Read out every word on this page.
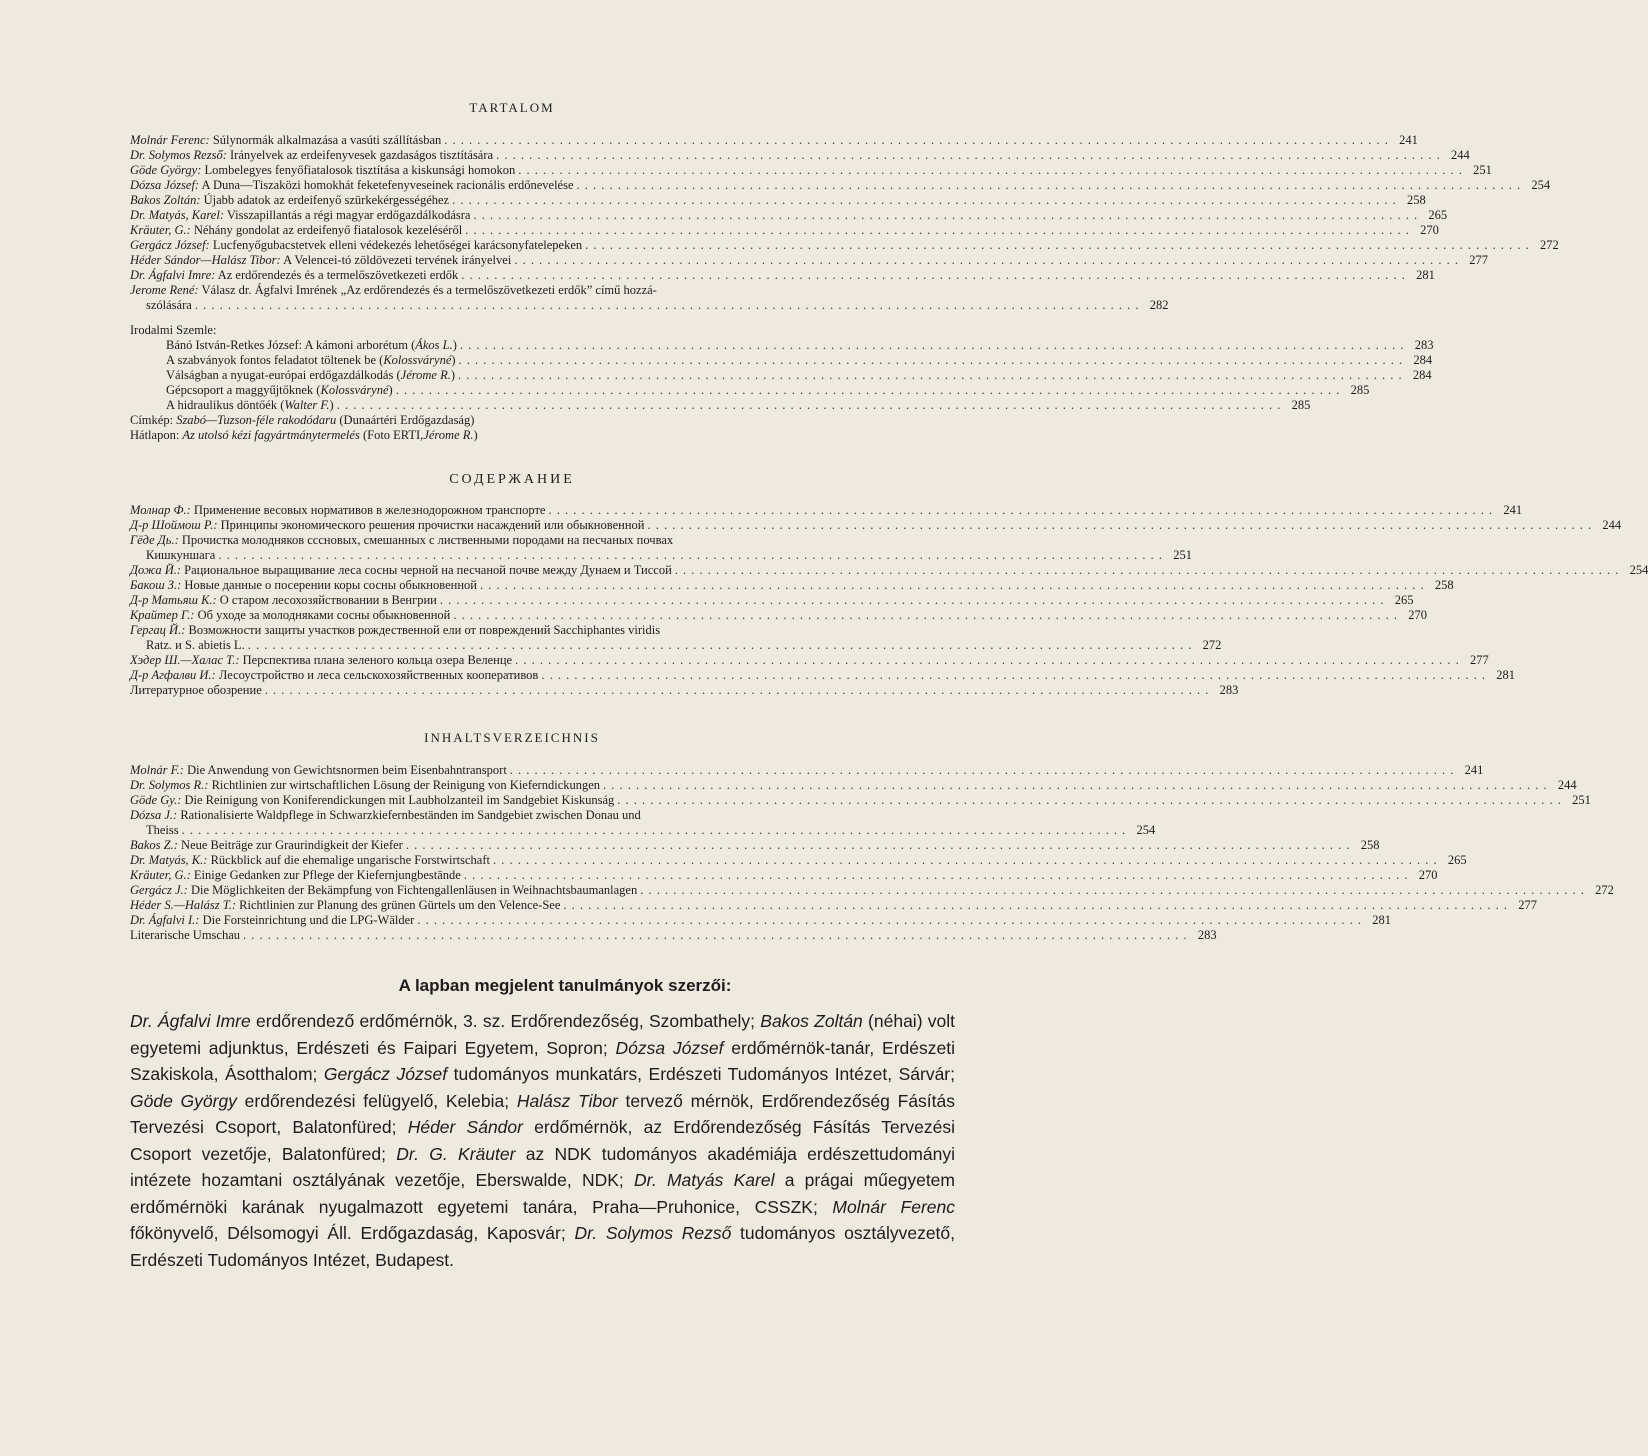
TARTALOM
Molnár Ferenc: Súlynormák alkalmazása a vasúti szállításban . . .	241
Dr. Solymos Rezső: Irányelvek az erdeifenyvesek gazdaságos tisztítására . . .	244
Göde György: Lombelegyes fenyőfiatalosok tisztítása a kiskunsági homokon . . .	251
Dózsa József: A Duna—Tiszaközi homokhát feketefenyveseinek racionális erdőnevelése . . .	254
Bakos Zoltán: Újabb adatok az erdeifenyő szürkekérgességéhez . . .	258
Dr. Matyás, Karel: Visszapillantás a régi magyar erdőgazdálkodásra . . .	265
Kräuter, G.: Néhány gondolat az erdeifenyő fiatalosok kezeléséről . . .	270
Gergácz József: Lucfenyőgubacstetvek elleni védekezés lehetőségei karácsonyfatelepeken . . .	272
Héder Sándor—Halász Tibor: A Velencei-tó zöldövezeti tervének irányelvei . . .	277
Dr. Ágfalvi Imre: Az erdőrendezés és a termelőszövetkezeti erdők . . .	281
Jerome René: Válasz dr. Ágfalvi Imrének „Az erdőrendezés és a termelőszövetkezeti erdők” című hozzá-
szólására . . .	282
Irodalmi Szemle:
Bánó István-Retkes József: A kámoni arborétum (Ákos L.) . . .	283
A szabványok fontos feladatot töltenek be (Kolossváryné) . . .	284
Válságban a nyugat-európai erdőgazdálkodás (Jérome R.) . . .	284
Gépcsoport a maggyűjtőknek (Kolossváryné) . . .	285
A hidraulikus döntőék (Walter F.) . . .	285
Címkép: Szabó—Tuzson-féle rakodódaru (Dunaártéri Erdőgazdaság)
Hátlapon: Az utolsó kézi fagyártmánytermelés (Foto ERTI,Jérome R.)
СОДЕРЖАНИЕ
Молнар Ф.: Применение весовых нормативов в железнодорожном транспорте . . .	241
Д-р Шоймош Р.: Принципы экономического решения прочистки насаждений или обыкновенной . . .	244
Гёде Дь.: Прочистка молодняков ссcновых, смешанных с лиственными породами на песчаных почвах
Кишкуншага . . .	251
Дожа Й.: Рациональное выращивание леса сосны черной на песчаной почве между Дунаем и Тиссой . . .	254
Бакош З.: Новые данные о посерении коры сосны обыкновенной . . .	258
Д-р Матьяш К.: О старом лесохозяйствовании в Венгрии . . .	265
Крайтер Г.: Об уходе за молодняками сосны обыкновенной . . .	270
Гергац Й.: Возможности защиты участков рождественной ели от повреждений Sacchiphantes viridis
Ratz. и S. abietis L. . . .	272
Хэдер Ш.—Халас Т.: Перспектива плана зеленого кольца озера Веленце . . .	277
Д-р Агфалви И.: Лесоустройство и леса сельскохозяйственных кооперативов . . .	281
Литературное обозрение . . .	283
INHALTSVERZEICHNIS
Molnár F.: Die Anwendung von Gewichtsnormen beim Eisenbahntransport . . .	241
Dr. Solymos R.: Richtlinien zur wirtschaftlichen Lösung der Reinigung von Kieferndickungen . . .	244
Göde Gy.: Die Reinigung von Koniferendickungen mit Laubholzanteil im Sandgebiet Kiskunság . . .	251
Dózsa J.: Rationalisierte Waldpflege in Schwarzkiefernbeständen im Sandgebiet zwischen Donau und
Theiss . . .	254
Bakos Z.: Neue Beiträge zur Graurindigkeit der Kiefer . . .	258
Dr. Matyás, K.: Rückblick auf die ehemalige ungarische Forstwirtschaft . . .	265
Kräuter, G.: Einige Gedanken zur Pflege der Kiefernjungbestände . . .	270
Gergácz J.: Die Möglichkeiten der Bekämpfung von Fichtengallenläusen in Weihnachtsbaumanlagen . . .	272
Héder S.—Halász T.: Richtlinien zur Planung des grünen Gürtels um den Velence-See . . .	277
Dr. Ágfalvi I.: Die Forsteinrichtung und die LPG-Wälder . . .	281
Literarische Umschau . . .	283
A lapban megjelent tanulmányok szerzői:
Dr. Ágfalvi Imre erdőrendező erdőmérnök, 3. sz. Erdőrendezőség, Szombathely; Bakos Zoltán (néhai) volt egyetemi adjunktus, Erdészeti és Faipari Egyetem, Sopron; Dózsa József erdőmérnök-tanár, Erdészeti Szakiskola, Ásotthalom; Gergácz József tudományos munkatárs, Erdészeti Tudományos Intézet, Sárvár; Göde György erdőrendezési felügyelő, Kelebia; Halász Tibor tervező mérnök, Erdőrendezőség Fásítás Tervezési Csoport, Balatonfüred; Héder Sándor erdőmérnök, az Erdőrendezőség Fásítás Tervezési Csoport vezetője, Balatonfüred; Dr. G. Kräuter az NDK tudományos akadémiája erdészettudományi intézete hozamtani osztályának vezetője, Eberswalde, NDK; Dr. Matyás Karel a prágai műegyetem erdőmérnöki karának nyugalmazott egyetemi tanára, Praha—Pruhonice, CSSZK; Molnár Ferenc főkönyvelő, Délsomogyi Áll. Erdőgazdaság, Kaposvár; Dr. Solymos Rezső tudományos osztályvezető, Erdészeti Tudományos Intézet, Budapest.
